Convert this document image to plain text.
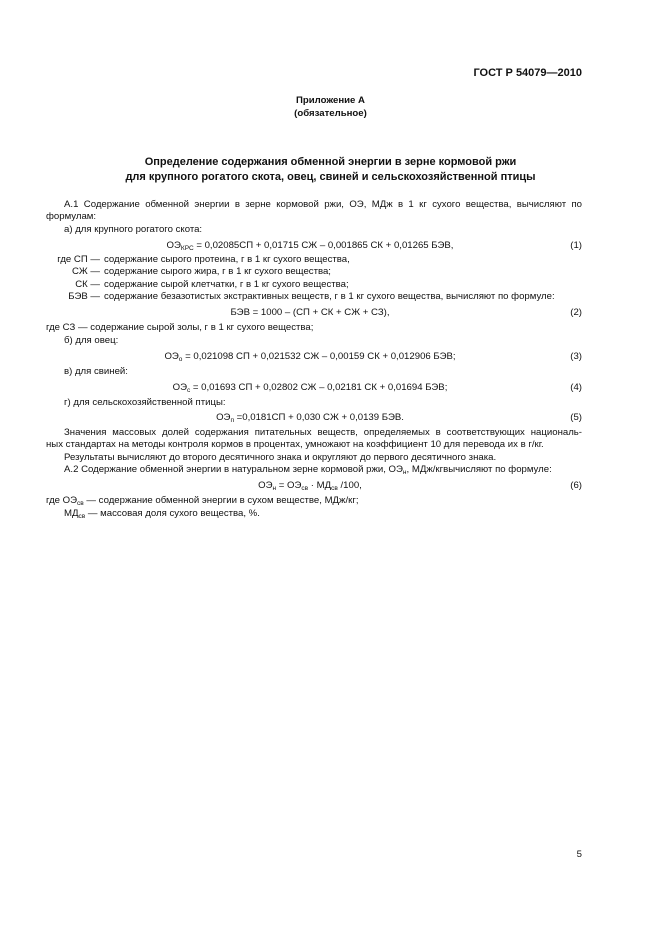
ГОСТ Р 54079—2010
Приложение А
(обязательное)
Определение содержания обменной энергии в зерне кормовой ржи
для крупного рогатого скота, овец, свиней и сельскохозяйственной птицы
А.1 Содержание обменной энергии в зерне кормовой ржи, ОЭ, МДж в 1 кг сухого вещества, вычисляют по
формулам:
а) для крупного рогатого скота:
$ОЭ_{КРС} = 0,02085СП + 0,01715$ СЖ – 0,001865 СК + 0,01265 БЭВ,	(1)
где СП — содержание сырого протеина, г в 1 кг сухого вещества,
СЖ — содержание сырого жира, г в 1 кг сухого вещества;
СК — содержание сырой клетчатки, г в 1 кг сухого вещества;
БЭВ — содержание безазотистых экстрактивных веществ, г в 1 кг сухого вещества, вычисляют по формуле:
БЭВ = 1000 – (СП + СК + СЖ + СЗ),	(2)
где СЗ — содержание сырой золы, г в 1 кг сухого вещества;
б) для овец:
$ОЭ_о = 0,021098$ СП + 0,021532 СЖ – 0,00159 СК + 0,012906 БЭВ;	(3)
в) для свиней:
$ОЭ_с = 0,01693$ СП + 0,02802 СЖ – 0,02181 СК + 0,01694 БЭВ;	(4)
г) для сельскохозяйственной птицы:
$ОЭ_п =0,0181СП + 0,030$ СЖ + 0,0139 БЭВ.	(5)
Значения массовых долей содержания питательных веществ, определяемых в соответствующих националь-
ных стандартах на методы контроля кормов в процентах, умножают на коэффициент 10 для перевода их в г/кг.
Результаты вычисляют до второго десятичного знака и округляют до первого десятичного знака.
А.2 Содержание обменной энергии в натуральном зерне кормовой ржи, $ОЭ_н$, МДж/кгвычисляют по формуле:
$ОЭ_н = ОЭ_{св} \cdot МД_{св}$ /100,	(6)
где $ОЭ_{св}$ — содержание обменной энергии в сухом веществе, МДж/кг;
$МД_{св}$ — массовая доля сухого вещества, %.
5
